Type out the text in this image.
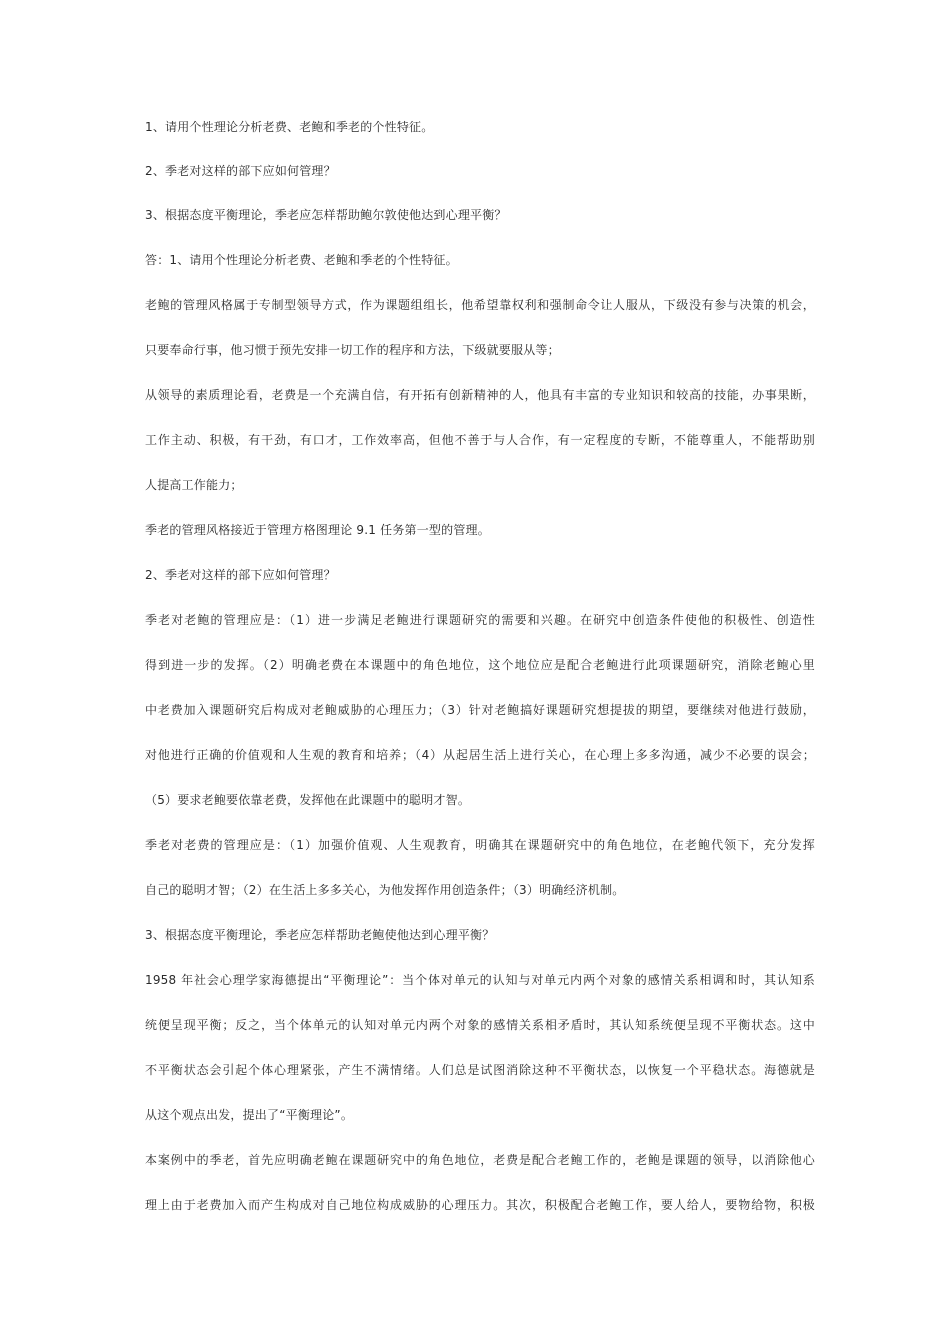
1、请用个性理论分析老费、老鲍和季老的个性特征。
2、季老对这样的部下应如何管理？
3、根据态度平衡理论，季老应怎样帮助鲍尔敦使他达到心理平衡？
答：1、请用个性理论分析老费、老鲍和季老的个性特征。
老鲍的管理风格属于专制型领导方式，作为课题组组长，他希望靠权利和强制命令让人服从，下级没有参与决策的机会，
只要奉命行事，他习惯于预先安排一切工作的程序和方法，下级就要服从等；
从领导的素质理论看，老费是一个充满自信，有开拓有创新精神的人，他具有丰富的专业知识和较高的技能，办事果断，
工作主动、积极，有干劲，有口才，工作效率高，但他不善于与人合作，有一定程度的专断，不能尊重人，不能帮助别
人提高工作能力；
季老的管理风格接近于管理方格图理论 9.1 任务第一型的管理。
2、季老对这样的部下应如何管理？
季老对老鲍的管理应是：（1）进一步满足老鲍进行课题研究的需要和兴趣。在研究中创造条件使他的积极性、创造性
得到进一步的发挥。（2）明确老费在本课题中的角色地位，这个地位应是配合老鲍进行此项课题研究，消除老鲍心里
中老费加入课题研究后构成对老鲍威胁的心理压力；（3）针对老鲍搞好课题研究想提拔的期望，要继续对他进行鼓励，
对他进行正确的价值观和人生观的教育和培养；（4）从起居生活上进行关心，在心理上多多沟通，减少不必要的误会；
（5）要求老鲍要依靠老费，发挥他在此课题中的聪明才智。
季老对老费的管理应是：（1）加强价值观、人生观教育，明确其在课题研究中的角色地位，在老鲍代领下，充分发挥
自己的聪明才智；（2）在生活上多多关心，为他发挥作用创造条件；（3）明确经济机制。
3、根据态度平衡理论，季老应怎样帮助老鲍使他达到心理平衡？
1958 年社会心理学家海德提出“平衡理论”：当个体对单元的认知与对单元内两个对象的感情关系相调和时，其认知系
统便呈现平衡；反之，当个体单元的认知对单元内两个对象的感情关系相矛盾时，其认知系统便呈现不平衡状态。这中
不平衡状态会引起个体心理紧张，产生不满情绪。人们总是试图消除这种不平衡状态，以恢复一个平稳状态。海德就是
从这个观点出发，提出了“平衡理论”。
本案例中的季老，首先应明确老鲍在课题研究中的角色地位，老费是配合老鲍工作的，老鲍是课题的领导，以消除他心
理上由于老费加入而产生构成对自己地位构成威胁的心理压力。其次，积极配合老鲍工作，要人给人，要物给物，积极
